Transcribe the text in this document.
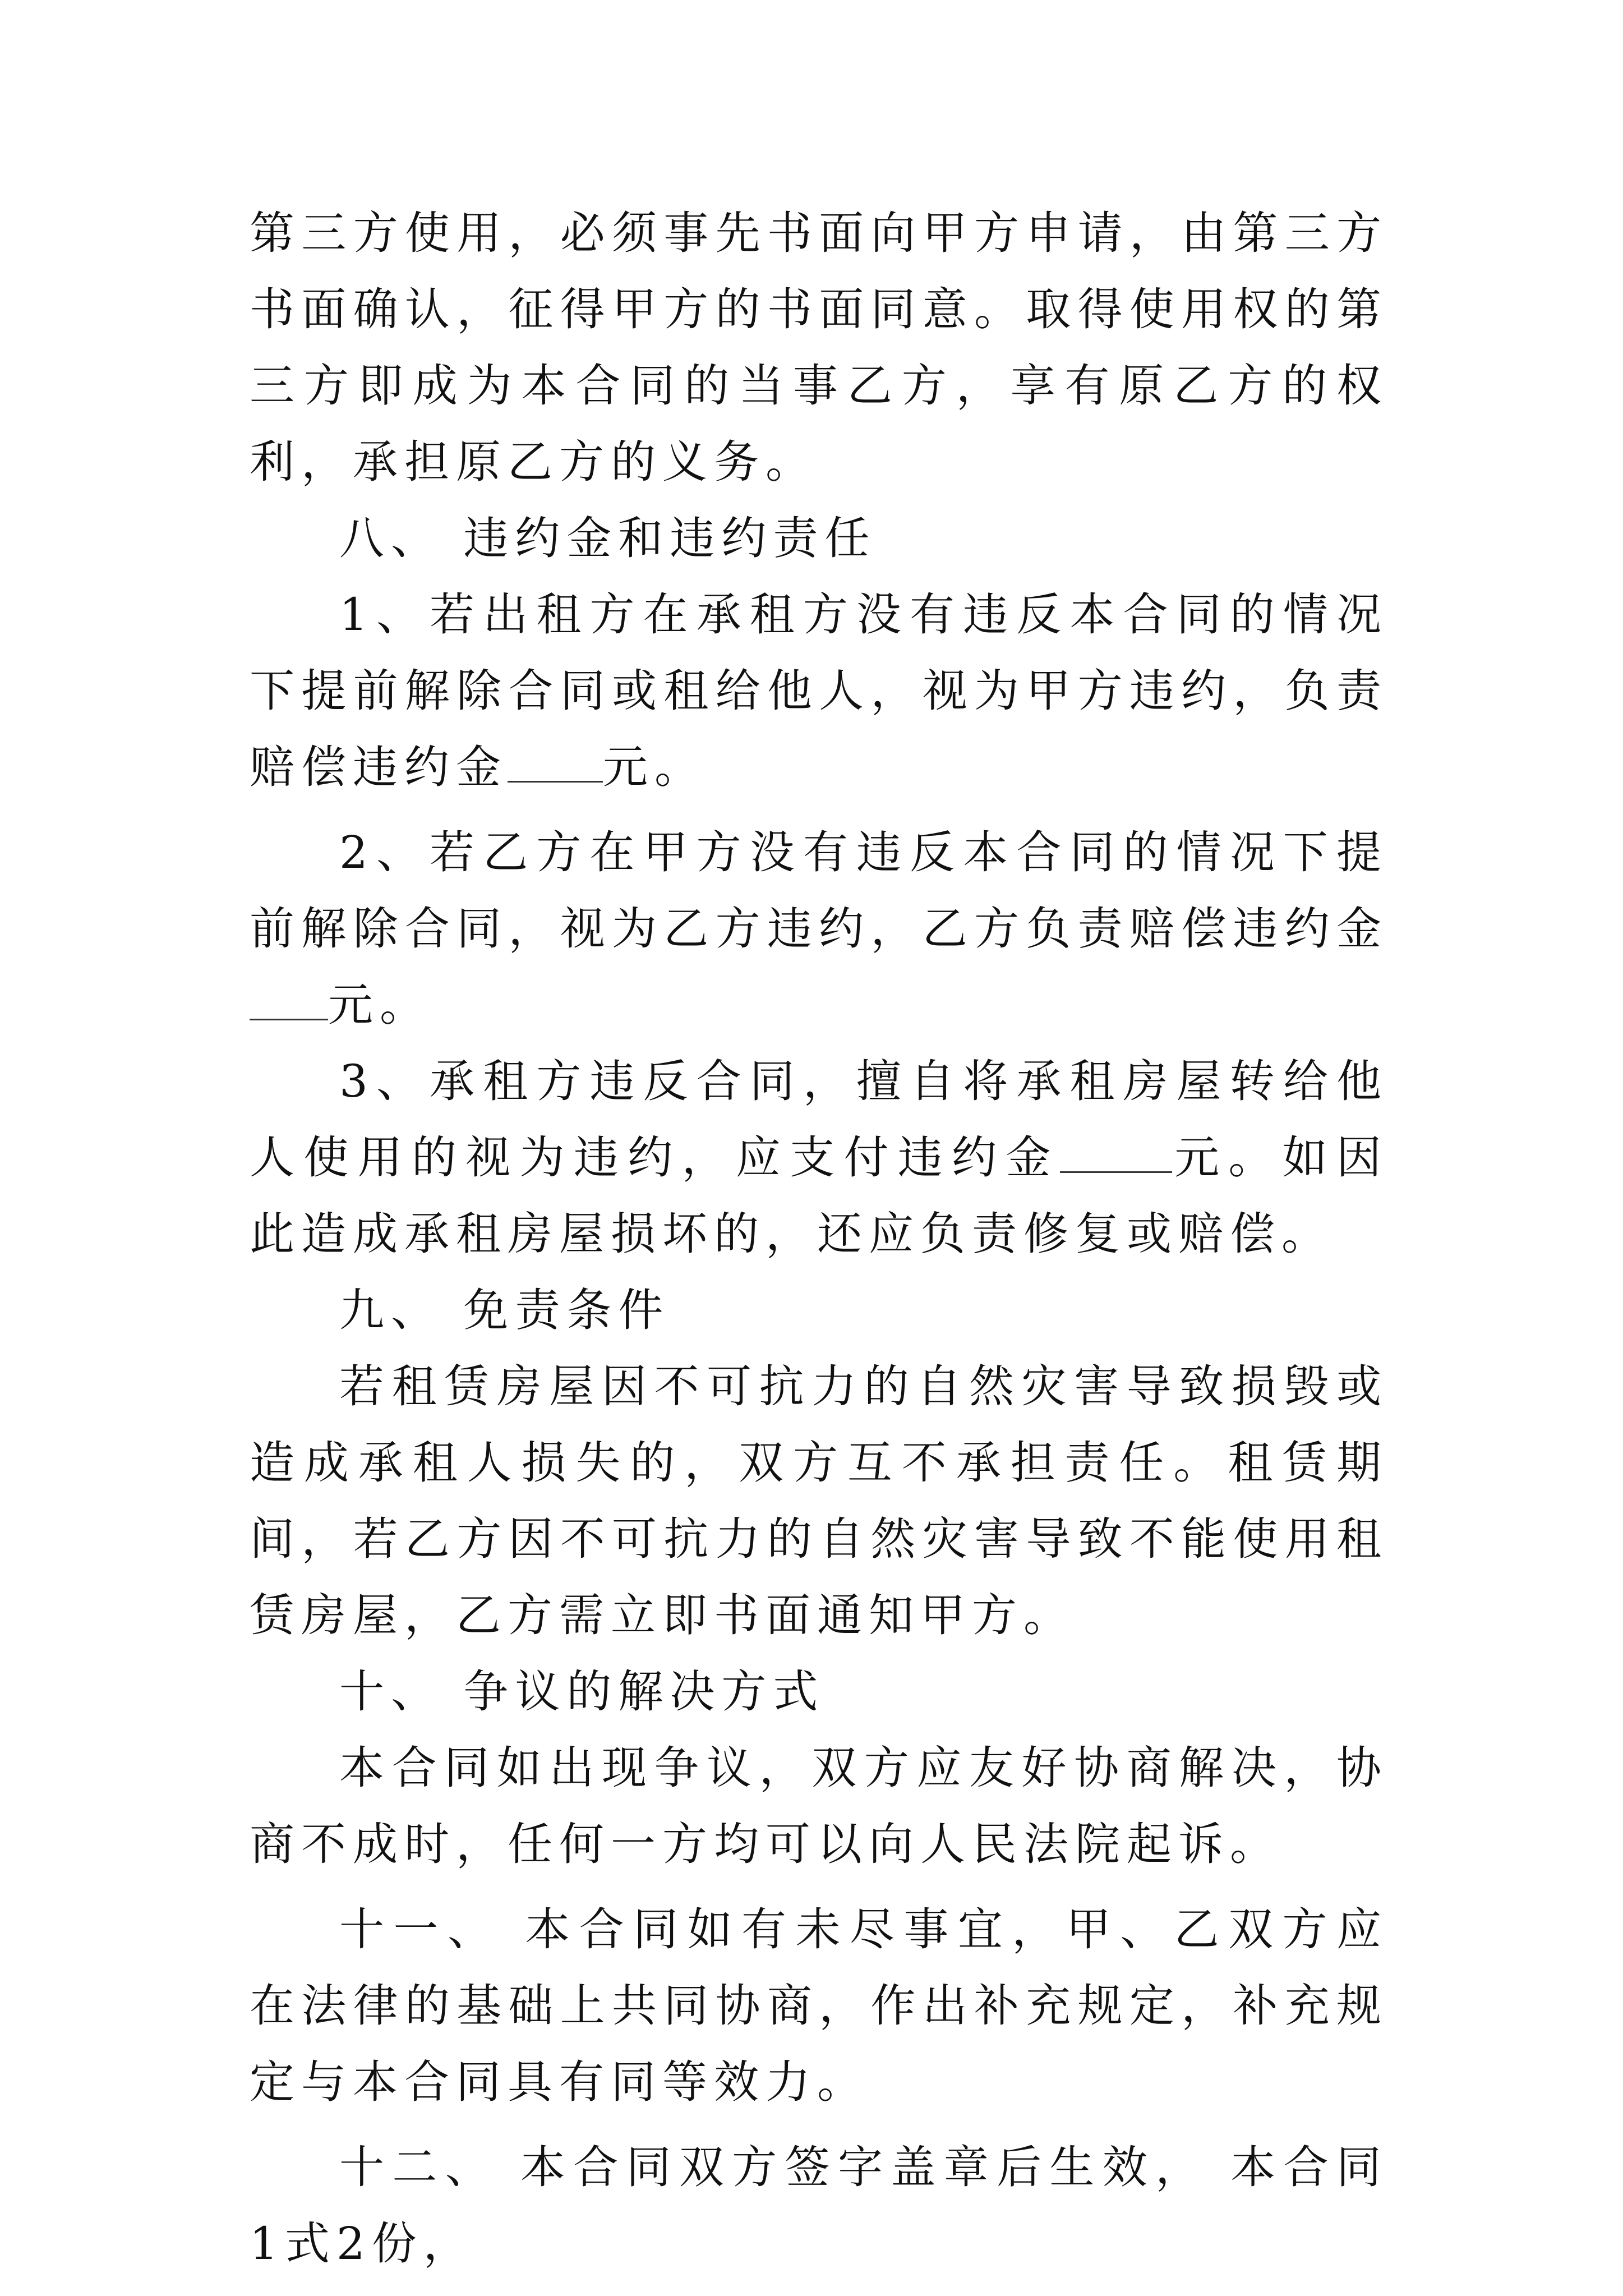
第三方使用，必须事先书面向甲方申请，由第三方书面确认，征得甲方的书面同意。取得使用权的第三方即成为本合同的当事乙方，享有原乙方的权利，承担原乙方的义务。

八、 违约金和违约责任

1、若出租方在承租方没有违反本合同的情况下提前解除合同或租给他人，视为甲方违约，负责赔偿违约金 元。

2、若乙方在甲方没有违反本合同的情况下提前解除合同，视为乙方违约，乙方负责赔偿违约金元。

3、承租方违反合同，擅自将承租房屋转给他人使用的视为违约，应支付违约金	元。如因此造成承租房屋损坏的，还应负责修复或赔偿。

九、 免责条件

若租赁房屋因不可抗力的自然灾害导致损毁或造成承租人损失的，双方互不承担责任。租赁期间，若乙方因不可抗力的自然灾害导致不能使用租赁房屋，乙方需立即书面通知甲方。

十、 争议的解决方式

本合同如出现争议，双方应友好协商解决，协商不成时，任何一方均可以向人民法院起诉。

十一、 本合同如有未尽事宜，甲、乙双方应在法律的基础上共同协商，作出补充规定，补充规定与本合同具有同等效力。

十二、 本合同双方签字盖章后生效， 本合同1式2份，
